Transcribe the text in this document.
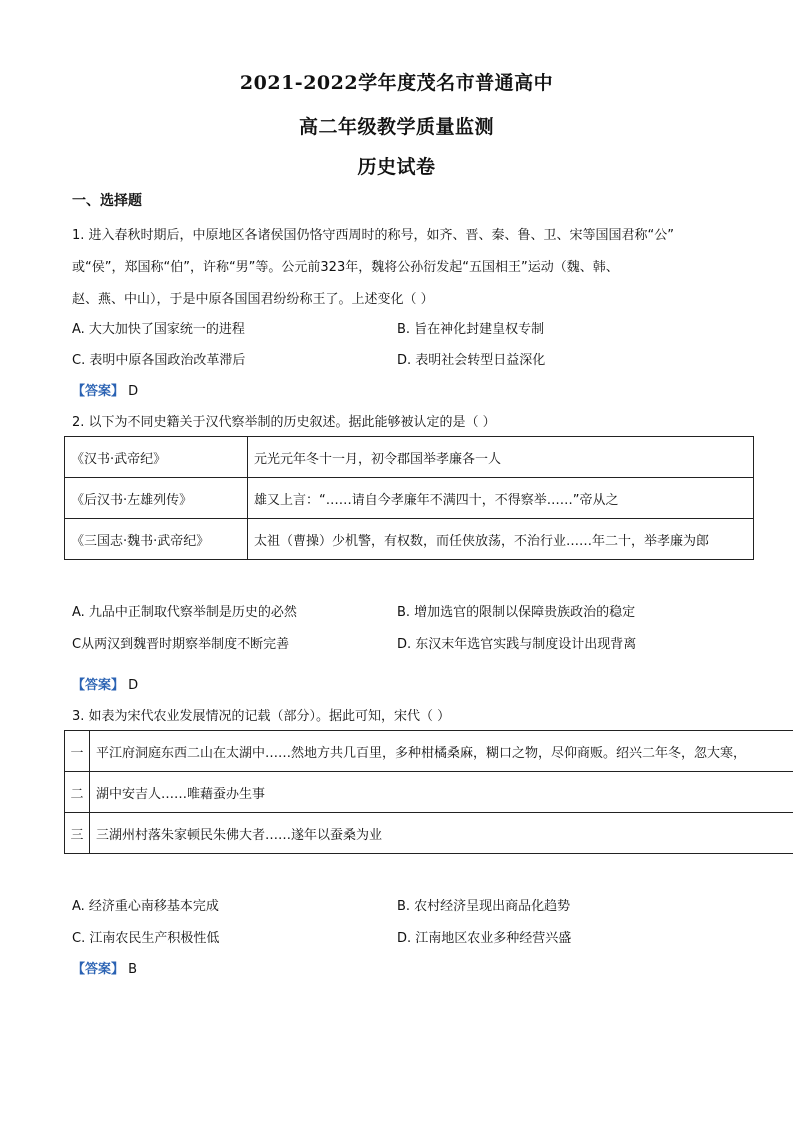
2021-2022学年度茂名市普通高中
高二年级教学质量监测
历史试卷
一、选择题
1. 进入春秋时期后，中原地区各诸侯国仍恪守西周时的称号，如齐、晋、秦、鲁、卫、宋等国国君称“公”
或“侯”，郑国称“伯”，许称“男”等。公元前323年，魏将公孙衍发起“五国相王”运动（魏、韩、
赵、燕、中山），于是中原各国国君纷纷称王了。上述变化（ ）
A. 大大加快了国家统一的进程	B. 旨在神化封建皇权专制
C. 表明中原各国政治改革滞后	D. 表明社会转型日益深化
【答案】 D
2. 以下为不同史籍关于汉代察举制的历史叙述。据此能够被认定的是（ ）
《汉书·武帝纪》	元光元年冬十一月，初令郡国举孝廉各一人
《后汉书·左雄列传》	雄又上言：“……请自今孝廉年不满四十，不得察举……”帝从之
《三国志·魏书·武帝纪》	太祖（曹操）少机警，有权数，而任侠放荡，不治行业……年二十，举孝廉为郎
A. 九品中正制取代察举制是历史的必然	B. 增加选官的限制以保障贵族政治的稳定
C从两汉到魏晋时期察举制度不断完善	D. 东汉末年选官实践与制度设计出现背离
【答案】 D
3. 如表为宋代农业发展情况的记载（部分）。据此可知，宋代（ ）
一	平江府洞庭东西二山在太湖中……然地方共几百里，多种柑橘桑麻，糊口之物，尽仰商贩。绍兴二年冬，忽大寒，
二	湖中安吉人……唯藉蚕办生事
三	三湖州村落朱家顿民朱佛大者……遂年以蚕桑为业
A. 经济重心南移基本完成	B. 农村经济呈现出商品化趋势
C. 江南农民生产积极性低	D. 江南地区农业多种经营兴盛
【答案】 B
